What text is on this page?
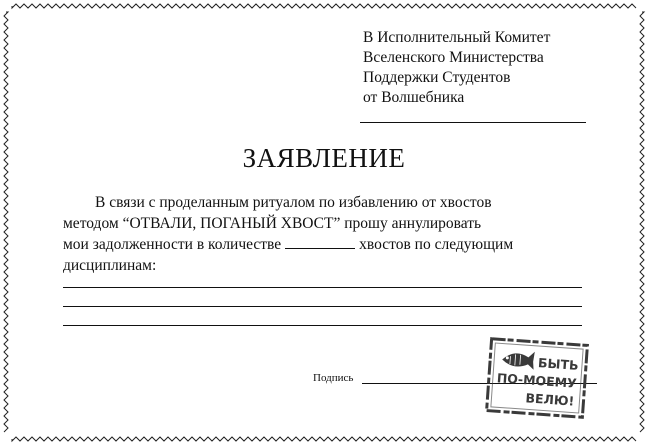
В Исполнительный Комитет
Вселенского Министерства
Поддержки Студентов
от Волшебника
ЗАЯВЛЕНИЕ
В связи с проделанным ритуалом по избавлению от хвостов
методом “ОТВАЛИ, ПОГАНЫЙ ХВОСТ” прошу аннулировать
мои задолженности в количестве	хвостов по следующим
дисциплинам:
Подпись
БЫТЬ
ПО-МОЕМУ
ВЕЛЮ!
